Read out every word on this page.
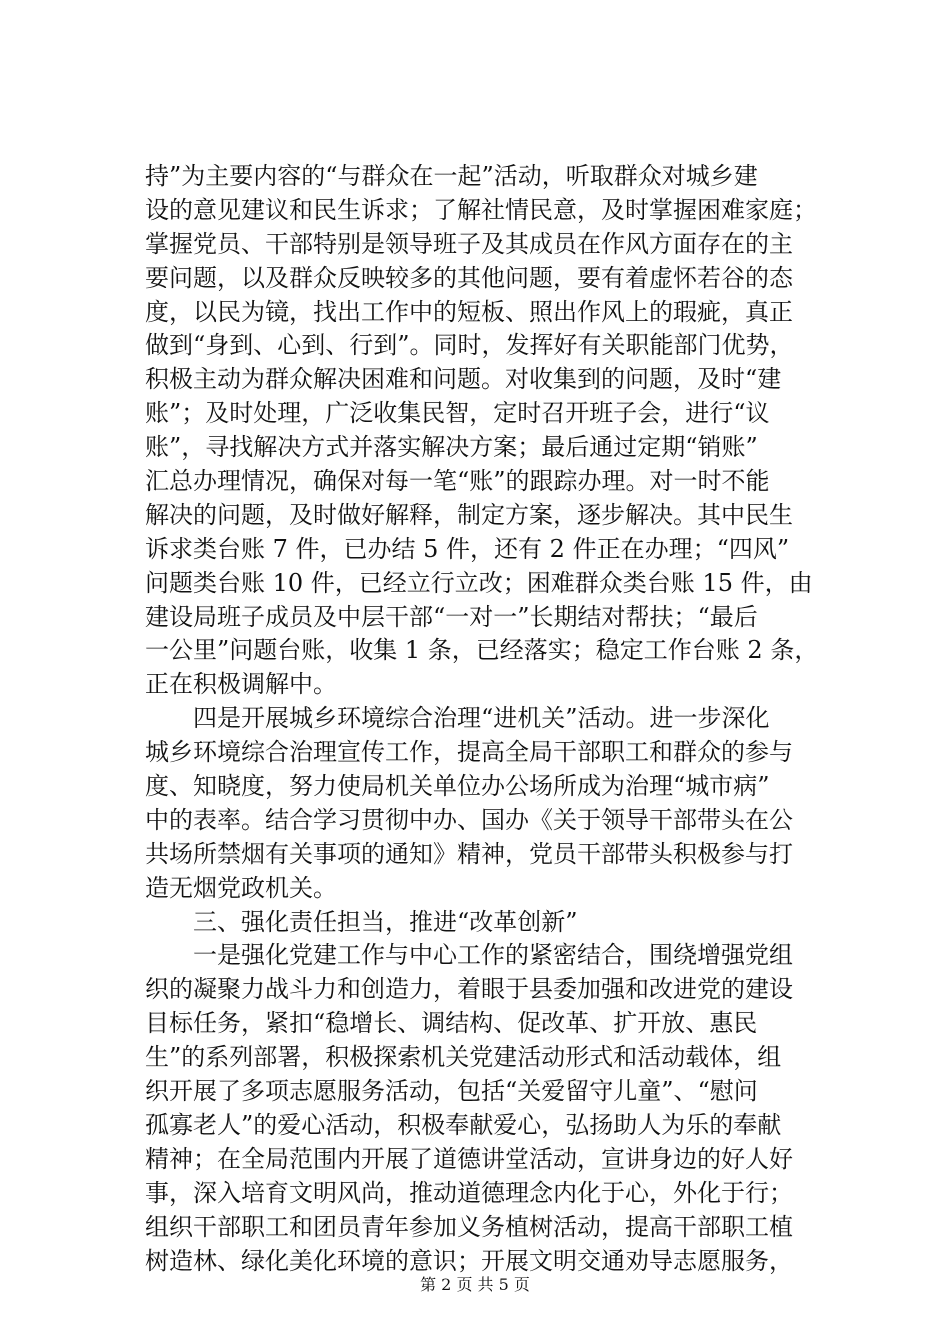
持”为主要内容的“与群众在一起”活动，听取群众对城乡建
设的意见建议和民生诉求；了解社情民意，及时掌握困难家庭；
掌握党员、干部特别是领导班子及其成员在作风方面存在的主
要问题，以及群众反映较多的其他问题，要有着虚怀若谷的态
度，以民为镜，找出工作中的短板、照出作风上的瑕疵，真正
做到“身到、心到、行到”。同时，发挥好有关职能部门优势，
积极主动为群众解决困难和问题。对收集到的问题，及时“建
账”；及时处理，广泛收集民智，定时召开班子会，进行“议
账”，寻找解决方式并落实解决方案；最后通过定期“销账”
汇总办理情况，确保对每一笔“账”的跟踪办理。对一时不能
解决的问题，及时做好解释，制定方案，逐步解决。其中民生
诉求类台账 7 件，已办结 5 件，还有 2 件正在办理；“四风”
问题类台账 10 件，已经立行立改；困难群众类台账 15 件，由
建设局班子成员及中层干部“一对一”长期结对帮扶；“最后
一公里”问题台账，收集 1 条，已经落实；稳定工作台账 2 条，
正在积极调解中。
　　四是开展城乡环境综合治理“进机关”活动。进一步深化
城乡环境综合治理宣传工作，提高全局干部职工和群众的参与
度、知晓度，努力使局机关单位办公场所成为治理“城市病”
中的表率。结合学习贯彻中办、国办《关于领导干部带头在公
共场所禁烟有关事项的通知》精神，党员干部带头积极参与打
造无烟党政机关。
　　三、强化责任担当，推进“改革创新”
　　一是强化党建工作与中心工作的紧密结合，围绕增强党组
织的凝聚力战斗力和创造力，着眼于县委加强和改进党的建设
目标任务，紧扣“稳增长、调结构、促改革、扩开放、惠民
生”的系列部署，积极探索机关党建活动形式和活动载体，组
织开展了多项志愿服务活动，包括“关爱留守儿童”、“慰问
孤寡老人”的爱心活动，积极奉献爱心，弘扬助人为乐的奉献
精神；在全局范围内开展了道德讲堂活动，宣讲身边的好人好
事，深入培育文明风尚，推动道德理念内化于心，外化于行；
组织干部职工和团员青年参加义务植树活动，提高干部职工植
树造林、绿化美化环境的意识；开展文明交通劝导志愿服务，
第 2 页 共 5 页
